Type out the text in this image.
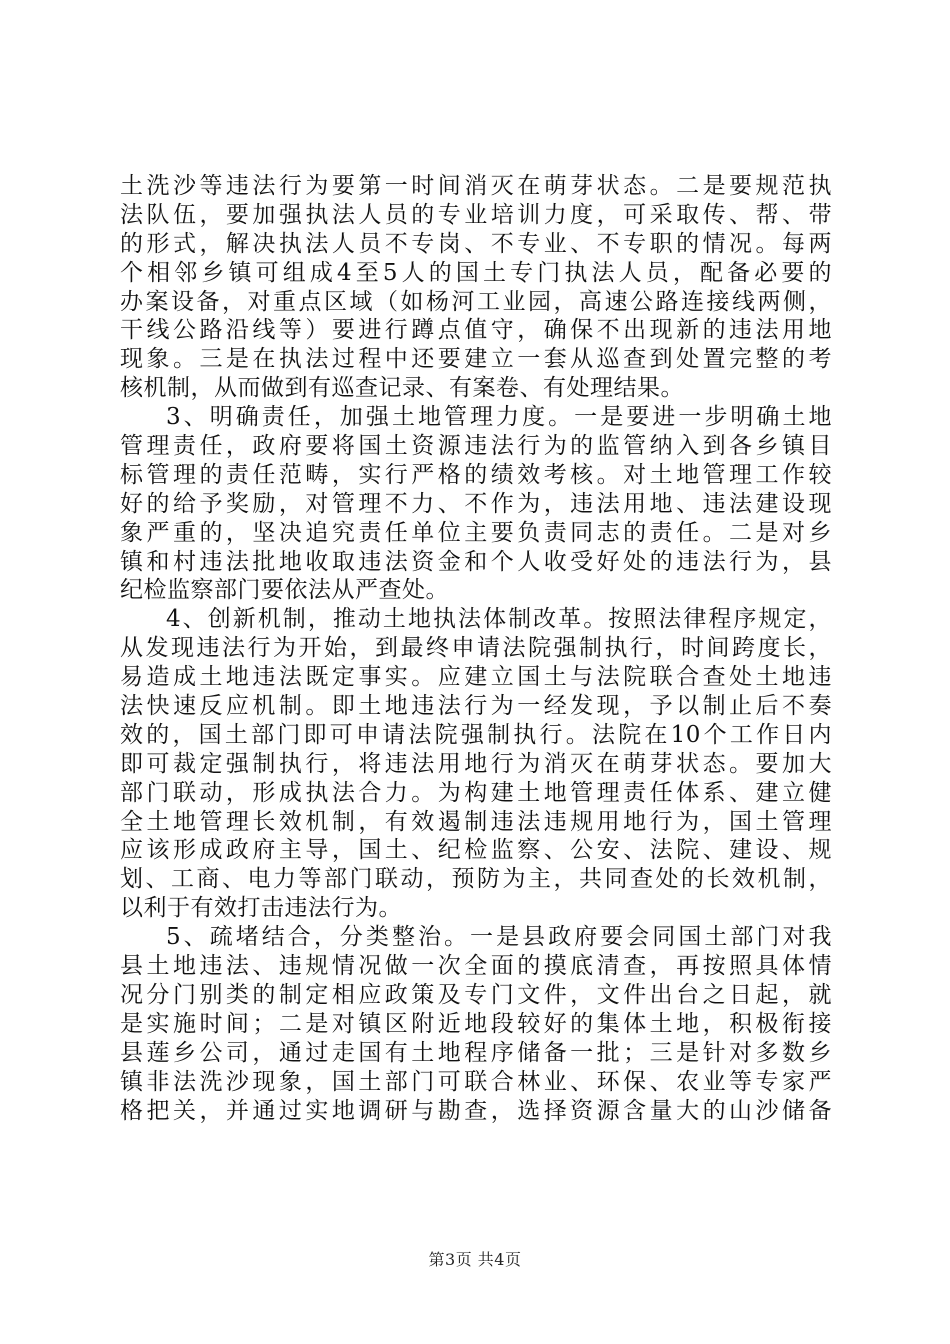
土洗沙等违法行为要第一时间消灭在萌芽状态。二是要规范执
法队伍，要加强执法人员的专业培训力度，可采取传、帮、带
的形式，解决执法人员不专岗、不专业、不专职的情况。每两
个相邻乡镇可组成4至5人的国土专门执法人员，配备必要的
办案设备，对重点区域（如杨河工业园，高速公路连接线两侧，
干线公路沿线等）要进行蹲点值守，确保不出现新的违法用地
现象。三是在执法过程中还要建立一套从巡查到处置完整的考
核机制，从而做到有巡查记录、有案卷、有处理结果。
3、明确责任，加强土地管理力度。一是要进一步明确土地
管理责任，政府要将国土资源违法行为的监管纳入到各乡镇目
标管理的责任范畴，实行严格的绩效考核。对土地管理工作较
好的给予奖励，对管理不力、不作为，违法用地、违法建设现
象严重的，坚决追究责任单位主要负责同志的责任。二是对乡
镇和村违法批地收取违法资金和个人收受好处的违法行为，县
纪检监察部门要依法从严查处。
4、创新机制，推动土地执法体制改革。按照法律程序规定，
从发现违法行为开始，到最终申请法院强制执行，时间跨度长，
易造成土地违法既定事实。应建立国土与法院联合查处土地违
法快速反应机制。即土地违法行为一经发现，予以制止后不奏
效的，国土部门即可申请法院强制执行。法院在10个工作日内
即可裁定强制执行，将违法用地行为消灭在萌芽状态。要加大
部门联动，形成执法合力。为构建土地管理责任体系、建立健
全土地管理长效机制，有效遏制违法违规用地行为，国土管理
应该形成政府主导，国土、纪检监察、公安、法院、建设、规
划、工商、电力等部门联动，预防为主，共同查处的长效机制，
以利于有效打击违法行为。
5、疏堵结合，分类整治。一是县政府要会同国土部门对我
县土地违法、违规情况做一次全面的摸底清查，再按照具体情
况分门别类的制定相应政策及专门文件，文件出台之日起，就
是实施时间；二是对镇区附近地段较好的集体土地，积极衔接
县莲乡公司，通过走国有土地程序储备一批；三是针对多数乡
镇非法洗沙现象，国土部门可联合林业、环保、农业等专家严
格把关，并通过实地调研与勘查，选择资源含量大的山沙储备
第3页 共4页
